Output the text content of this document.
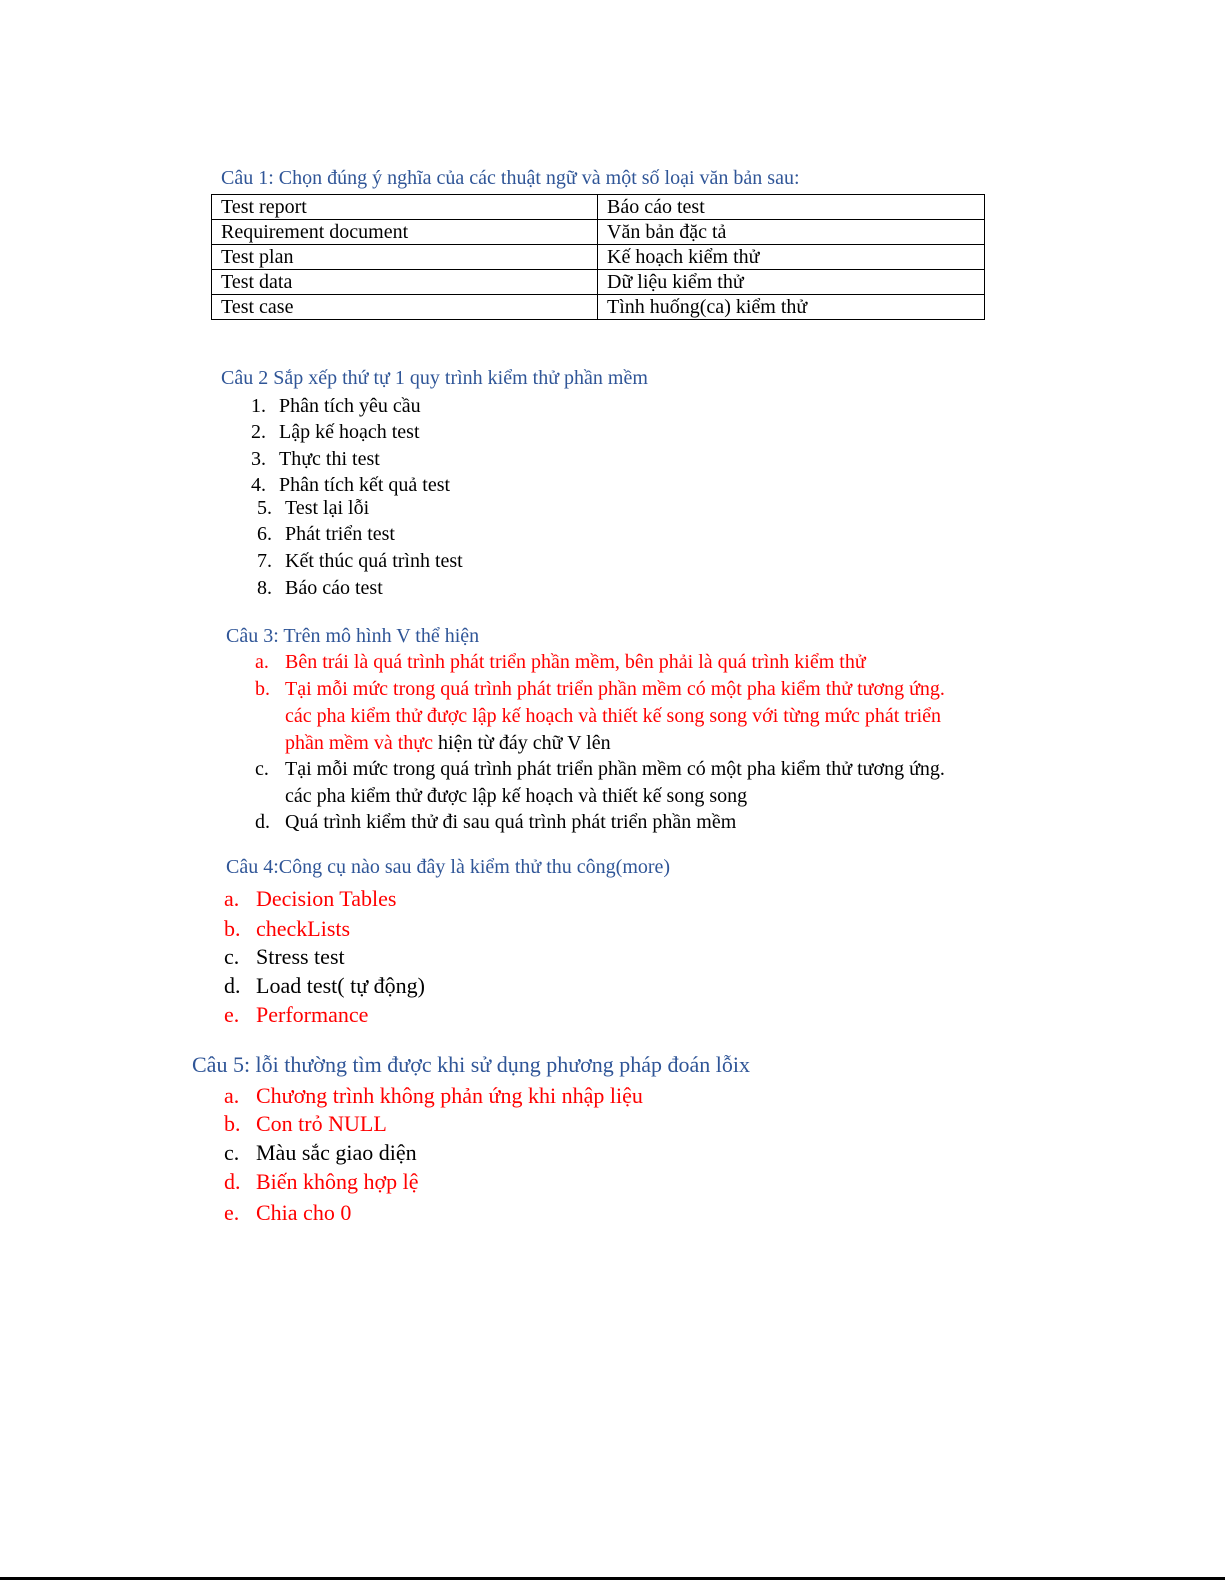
Câu 1: Chọn đúng ý nghĩa của các thuật ngữ và một số loại văn bản sau:
Test report	Báo cáo test
Requirement document	Văn bản đặc tả
Test plan	Kế hoạch kiểm thử
Test data	Dữ liệu kiểm thử
Test case	Tình huống(ca) kiểm thử
Câu 2 Sắp xếp thứ tự 1 quy trình kiểm thử phần mềm
1. Phân tích yêu cầu
2. Lập kế hoạch test
3. Thực thi test
4. Phân tích kết quả test
5. Test lại lỗi
6. Phát triển test
7. Kết thúc quá trình test
8. Báo cáo test
Câu 3: Trên mô hình V thể hiện
a. Bên trái là quá trình phát triển phần mềm, bên phải là quá trình kiểm thử
b. Tại mỗi mức trong quá trình phát triển phần mềm có một pha kiểm thử tương ứng.
các pha kiểm thử được lập kế hoạch và thiết kế song song với từng mức phát triển
phần mềm và thực hiện từ đáy chữ V lên
c. Tại mỗi mức trong quá trình phát triển phần mềm có một pha kiểm thử tương ứng.
các pha kiểm thử được lập kế hoạch và thiết kế song song
d. Quá trình kiểm thử đi sau quá trình phát triển phần mềm
Câu 4:Công cụ nào sau đây là kiểm thử thu công(more)
a. Decision Tables
b. checkLists
c. Stress test
d. Load test( tự động)
e. Performance
Câu 5: lỗi thường tìm được khi sử dụng phương pháp đoán lỗix
a. Chương trình không phản ứng khi nhập liệu
b. Con trỏ NULL
c. Màu sắc giao diện
d. Biến không hợp lệ
e. Chia cho 0
